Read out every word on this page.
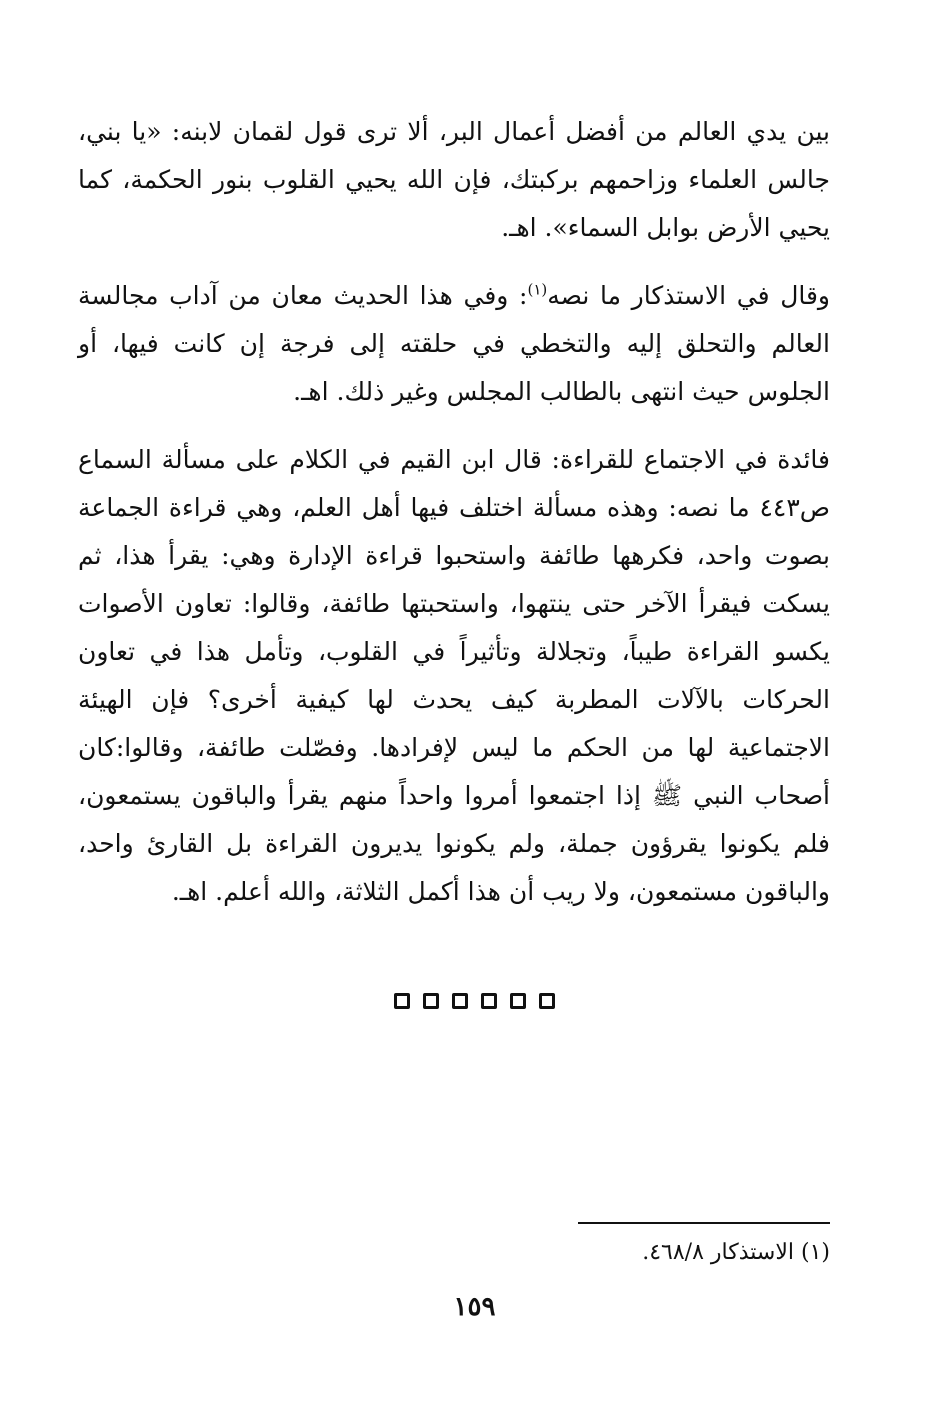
بين يدي العالم من أفضل أعمال البر، ألا ترى قول لقمان لابنه: «يا بني، جالس العلماء وزاحمهم بركبتك، فإن الله يحيي القلوب بنور الحكمة، كما يحيي الأرض بوابل السماء». اهـ.

وقال في الاستذكار ما نصه$^{(١)}$: وفي هذا الحديث معان من آداب مجالسة العالم والتحلق إليه والتخطي في حلقته إلى فرجة إن كانت فيها، أو الجلوس حيث انتهى بالطالب المجلس وغير ذلك. اهـ.

فائدة في الاجتماع للقراءة: قال ابن القيم في الكلام على مسألة السماع ص٤٤٣ ما نصه: وهذه مسألة اختلف فيها أهل العلم، وهي قراءة الجماعة بصوت واحد، فكرهها طائفة واستحبوا قراءة الإدارة وهي: يقرأ هذا، ثم يسكت فيقرأ الآخر حتى ينتهوا، واستحبتها طائفة، وقالوا: تعاون الأصوات يكسو القراءة طيباً، وتجلالة وتأثيراً في القلوب، وتأمل هذا في تعاون الحركات بالآلات المطربة كيف يحدث لها كيفية أخرى؟ فإن الهيئة الاجتماعية لها من الحكم ما ليس لإفرادها. وفصّلت طائفة، وقالوا:كان أصحاب النبي ﷺ إذا اجتمعوا أمروا واحداً منهم يقرأ والباقون يستمعون، فلم يكونوا يقرؤون جملة، ولم يكونوا يديرون القراءة بل القارئ واحد، والباقون مستمعون، ولا ريب أن هذا أكمل الثلاثة، والله أعلم. اهـ.

(١) الاستذكار ٤٦٨/٨.
١٥٩
